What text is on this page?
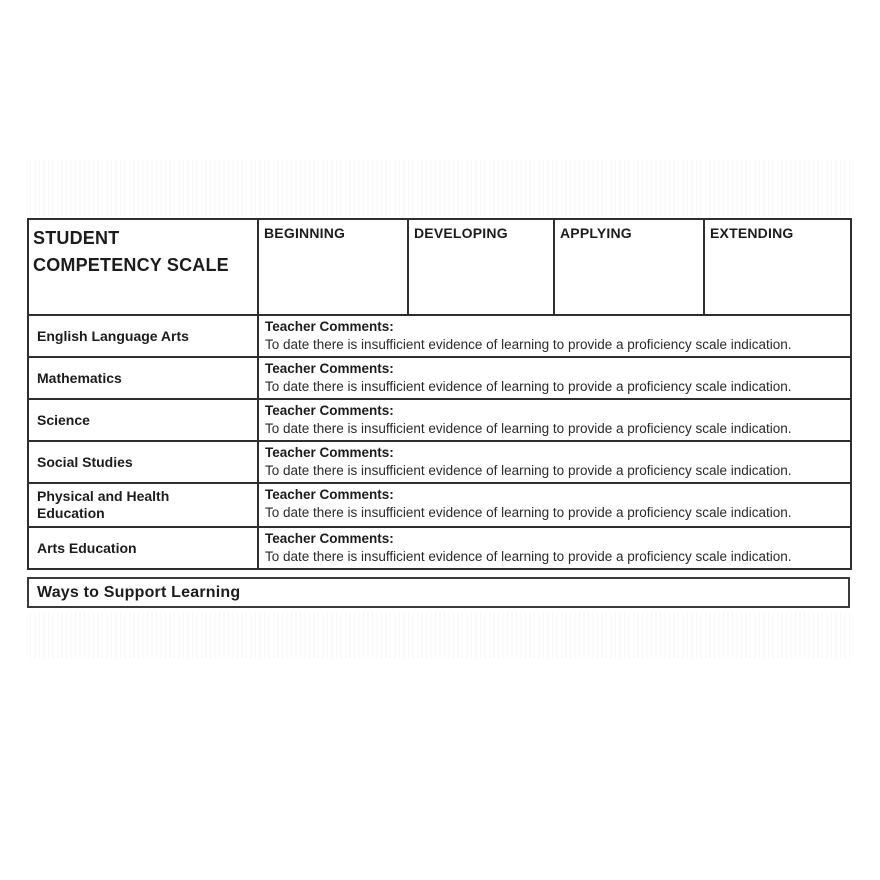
STUDENT COMPETENCY SCALE	BEGINNING	DEVELOPING	APPLYING	EXTENDING
English Language Arts	Teacher Comments:
To date there is insufficient evidence of learning to provide a proficiency scale indication.			

Mathematics	Teacher Comments:
To date there is insufficient evidence of learning to provide a proficiency scale indication.			

Science	Teacher Comments:
To date there is insufficient evidence of learning to provide a proficiency scale indication.			

Social Studies	Teacher Comments:
To date there is insufficient evidence of learning to provide a proficiency scale indication.			

Physical and Health Education	Teacher Comments:
To date there is insufficient evidence of learning to provide a proficiency scale indication.			

Arts Education	Teacher Comments:
To date there is insufficient evidence of learning to provide a proficiency scale indication.			
Ways to Support Learning
